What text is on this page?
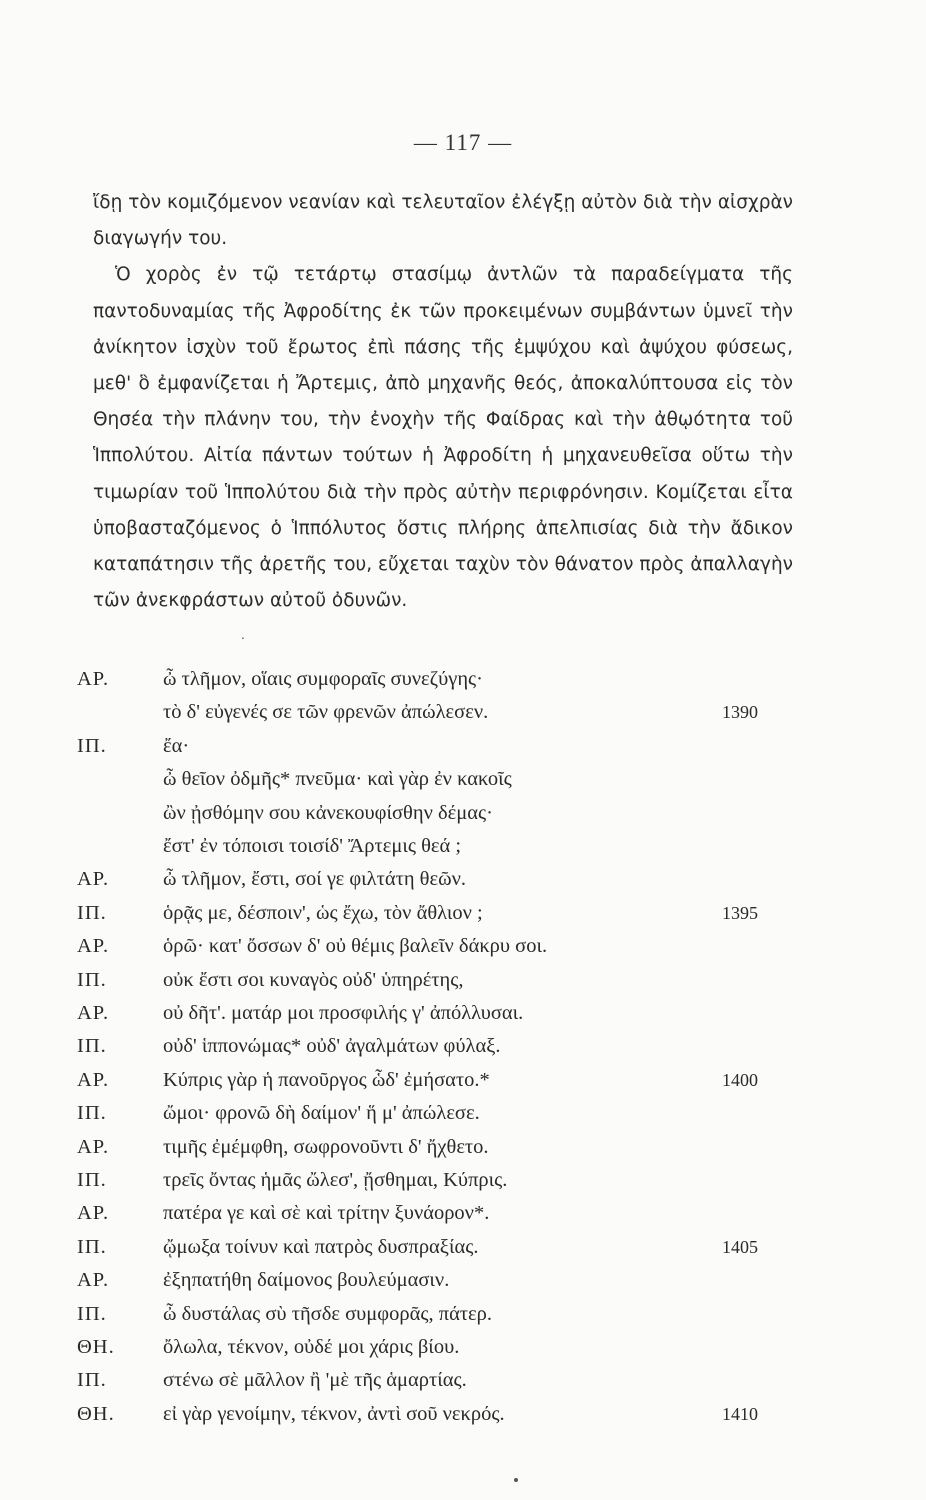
— 117 —

ἴδῃ τὸν κομιζόμενον νεανίαν καὶ τελευταῖον ἐλέγξῃ αὐτὸν διὰ τὴν αἰσχρὰν διαγωγήν του.

Ὁ χορὸς ἐν τῷ τετάρτῳ στασίμῳ ἀντλῶν τὰ παραδείγματα τῆς παντοδυναμίας τῆς Ἀφροδίτης ἐκ τῶν προκειμένων συμβάντων ὑμνεῖ τὴν ἀνίκητον ἰσχὺν τοῦ ἔρωτος ἐπὶ πάσης τῆς ἐμψύχου καὶ ἀψύχου φύσεως, μεθ' ὃ ἐμφανίζεται ἡ Ἄρτεμις, ἀπὸ μηχανῆς θεός, ἀποκαλύπτουσα εἰς τὸν Θησέα τὴν πλάνην του, τὴν ἐνοχὴν τῆς Φαίδρας καὶ τὴν ἀθῳότητα τοῦ Ἱππολύτου. Αἰτία πάντων τούτων ἡ Ἀφροδίτη ἡ μηχανευθεῖσα οὕτω τὴν τιμωρίαν τοῦ Ἱππολύτου διὰ τὴν πρὸς αὐτὴν περιφρόνησιν. Κομίζεται εἶτα ὑποβασταζόμενος ὁ Ἱππόλυτος ὅστις πλήρης ἀπελπισίας διὰ τὴν ἄδικον καταπάτησιν τῆς ἀρετῆς του, εὔχεται ταχὺν τὸν θάνατον πρὸς ἀπαλλαγὴν τῶν ἀνεκφράστων αὐτοῦ ὀδυνῶν.

.
ΑΡ.	ὦ τλῆμον, οἵαις συμφοραῖς συνεζύγης·
τὸ δ' εὐγενές σε τῶν φρενῶν ἀπώλεσεν.	1390
ΙΠ.	ἔα·
ὦ θεῖον ὀδμῆς* πνεῦμα· καὶ γὰρ ἐν κακοῖς
ὢν ᾐσθόμην σου κἀνεκουφίσθην δέμας·
ἔστ' ἐν τόποισι τοισίδ' Ἄρτεμις θεά ;
ΑΡ.	ὦ τλῆμον, ἔστι, σοί γε φιλτάτη θεῶν.
ΙΠ.	ὁρᾷς με, δέσποιν', ὡς ἔχω, τὸν ἄθλιον ;	1395
ΑΡ.	ὁρῶ· κατ' ὄσσων δ' οὐ θέμις βαλεῖν δάκρυ σοι.
ΙΠ.	οὐκ ἔστι σοι κυναγὸς οὐδ' ὑπηρέτης,
ΑΡ.	οὐ δῆτ'. ματάρ μοι προσφιλής γ' ἀπόλλυσαι.
ΙΠ.	οὐδ' ἱππονώμας* οὐδ' ἀγαλμάτων φύλαξ.
ΑΡ.	Κύπρις γὰρ ἡ πανοῦργος ὧδ' ἐμήσατο.*	1400
ΙΠ.	ὤμοι· φρονῶ δὴ δαίμον' ἥ μ' ἀπώλεσε.
ΑΡ.	τιμῆς ἐμέμφθη, σωφρονοῦντι δ' ἤχθετο.
ΙΠ.	τρεῖς ὄντας ἡμᾶς ὤλεσ', ᾔσθημαι, Κύπρις.
ΑΡ.	πατέρα γε καὶ σὲ καὶ τρίτην ξυνάορον*.
ΙΠ.	ᾤμωξα τοίνυν καὶ πατρὸς δυσπραξίας.	1405
ΑΡ.	ἐξηπατήθη δαίμονος βουλεύμασιν.
ΙΠ.	ὦ δυστάλας σὺ τῆσδε συμφορᾶς, πάτερ.
ΘΗ. ὄλωλα, τέκνον, οὐδέ μοι χάρις βίου.
ΙΠ.	στένω σὲ μᾶλλον ἢ 'μὲ τῆς ἁμαρτίας.
ΘΗ. εἰ γὰρ γενοίμην, τέκνον, ἀντὶ σοῦ νεκρός.	1410
